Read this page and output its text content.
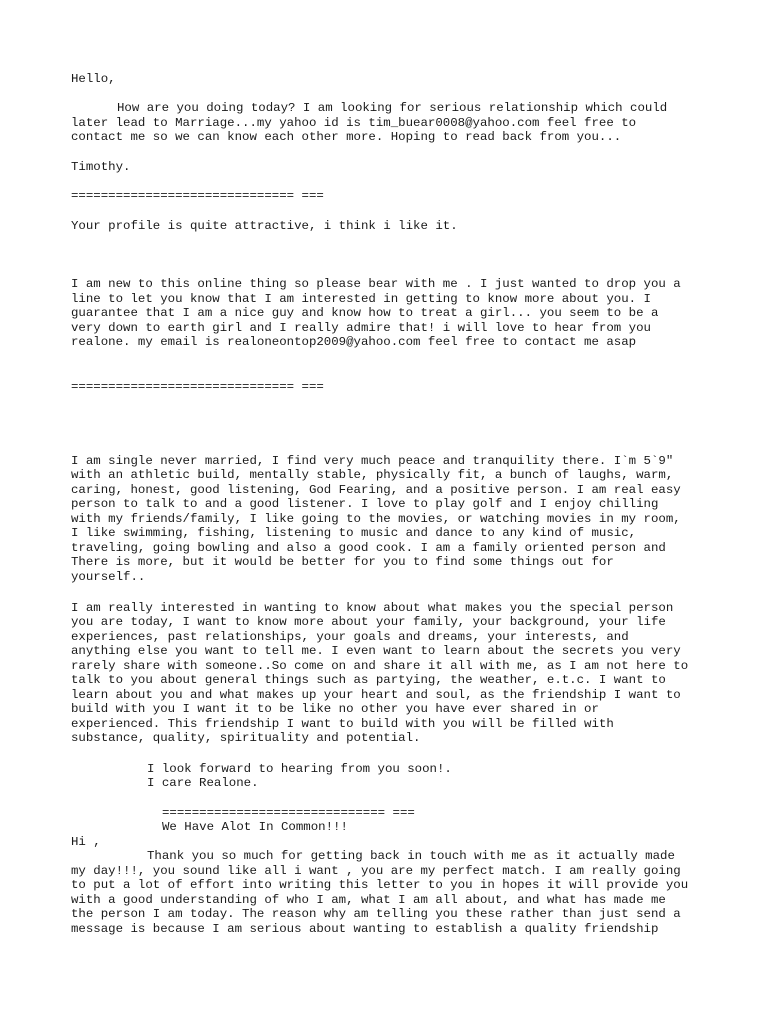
Hello,
How are you doing today? I am looking for serious relationship which could
later lead to Marriage...my yahoo id is tim_buear0008@yahoo.com feel free to
contact me so we can know each other more. Hoping to read back from you...
Timothy.
============================== ===
Your profile is quite attractive, i think i like it.
I am new to this online thing so please bear with me . I just wanted to drop you a
line to let you know that I am interested in getting to know more about you. I
guarantee that I am a nice guy and know how to treat a girl... you seem to be a
very down to earth girl and I really admire that! i will love to hear from you
realone. my email is realoneontop2009@yahoo.com feel free to contact me asap
============================== ===
I am single never married, I find very much peace and tranquility there. I`m 5`9"
with an athletic build, mentally stable, physically fit, a bunch of laughs, warm,
caring, honest, good listening, God Fearing, and a positive person. I am real easy
person to talk to and a good listener. I love to play golf and I enjoy chilling
with my friends/family, I like going to the movies, or watching movies in my room,
I like swimming, fishing, listening to music and dance to any kind of music,
traveling, going bowling and also a good cook. I am a family oriented person and
There is more, but it would be better for you to find some things out for
yourself..
I am really interested in wanting to know about what makes you the special person
you are today, I want to know more about your family, your background, your life
experiences, past relationships, your goals and dreams, your interests, and
anything else you want to tell me. I even want to learn about the secrets you very
rarely share with someone..So come on and share it all with me, as I am not here to
talk to you about general things such as partying, the weather, e.t.c. I want to
learn about you and what makes up your heart and soul, as the friendship I want to
build with you I want it to be like no other you have ever shared in or
experienced. This friendship I want to build with you will be filled with
substance, quality, spirituality and potential.
I look forward to hearing from you soon!.
I care Realone.
============================== ===
We Have Alot In Common!!!
Hi ,
Thank you so much for getting back in touch with me as it actually made
my day!!!, you sound like all i want , you are my perfect match. I am really going
to put a lot of effort into writing this letter to you in hopes it will provide you
with a good understanding of who I am, what I am all about, and what has made me
the person I am today. The reason why am telling you these rather than just send a
message is because I am serious about wanting to establish a quality friendship
